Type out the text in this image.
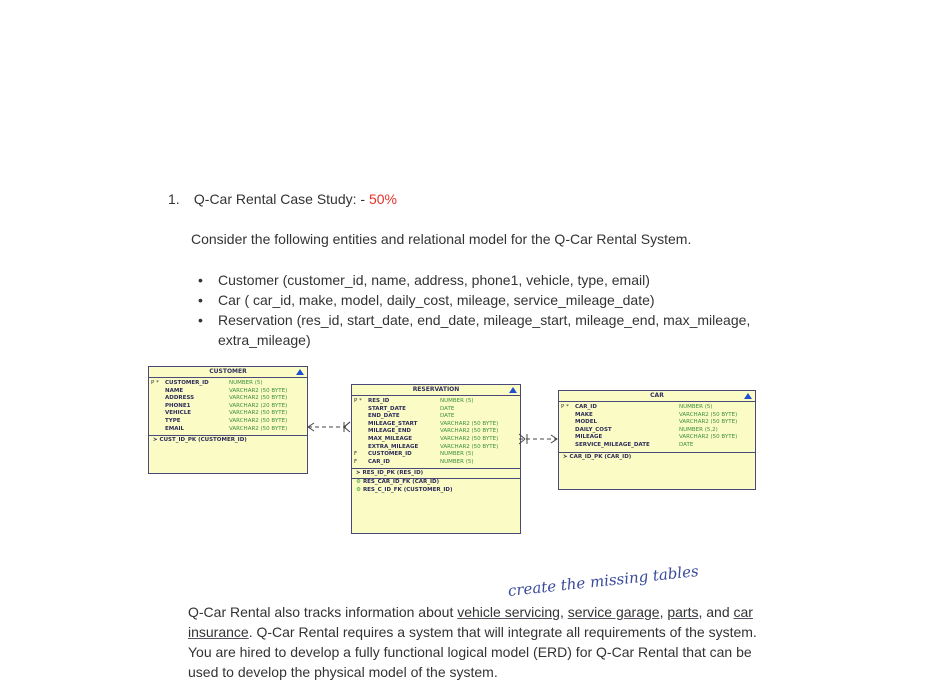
1. Q-Car Rental Case Study: - 50%
Consider the following entities and relational model for the Q-Car Rental System.
• Customer (customer_id, name, address, phone1, vehicle, type, email)
• Car ( car_id, make, model, daily_cost, mileage, service_mileage_date)
• Reservation (res_id, start_date, end_date, mileage_start, mileage_end, max_mileage, extra_mileage)
CUSTOMER
P *	CUSTOMER_ID	NUMBER (5)
NAME	VARCHAR2 (50 BYTE)
ADDRESS	VARCHAR2 (50 BYTE)
PHONE1	VARCHAR2 (20 BYTE)
VEHICLE	VARCHAR2 (50 BYTE)
TYPE	VARCHAR2 (50 BYTE)
EMAIL	VARCHAR2 (50 BYTE)
≻ CUST_ID_PK (CUSTOMER_ID)
RESERVATION
P *	RES_ID	NUMBER (5)
START_DATE	DATE
END_DATE	DATE
MILEAGE_START	VARCHAR2 (50 BYTE)
MILEAGE_END	VARCHAR2 (50 BYTE)
MAX_MILEAGE	VARCHAR2 (50 BYTE)
EXTRA_MILEAGE	VARCHAR2 (50 BYTE)
F	CUSTOMER_ID	NUMBER (5)
F	CAR_ID	NUMBER (5)
≻ RES_ID_PK (RES_ID)
⚙ RES_CAR_ID_FK (CAR_ID)
⚙ RES_C_ID_FK (CUSTOMER_ID)
CAR
P *	CAR_ID	NUMBER (5)
MAKE	VARCHAR2 (50 BYTE)
MODEL	VARCHAR2 (50 BYTE)
DAILY_COST	NUMBER (5,2)
MILEAGE	VARCHAR2 (50 BYTE)
SERVICE_MILEAGE_DATE	DATE
≻ CAR_ID_PK (CAR_ID)
create the missing tables
Q-Car Rental also tracks information about vehicle servicing, service garage, parts, and car insurance. Q-Car Rental requires a system that will integrate all requirements of the system. You are hired to develop a fully functional logical model (ERD) for Q-Car Rental that can be used to develop the physical model of the system.
